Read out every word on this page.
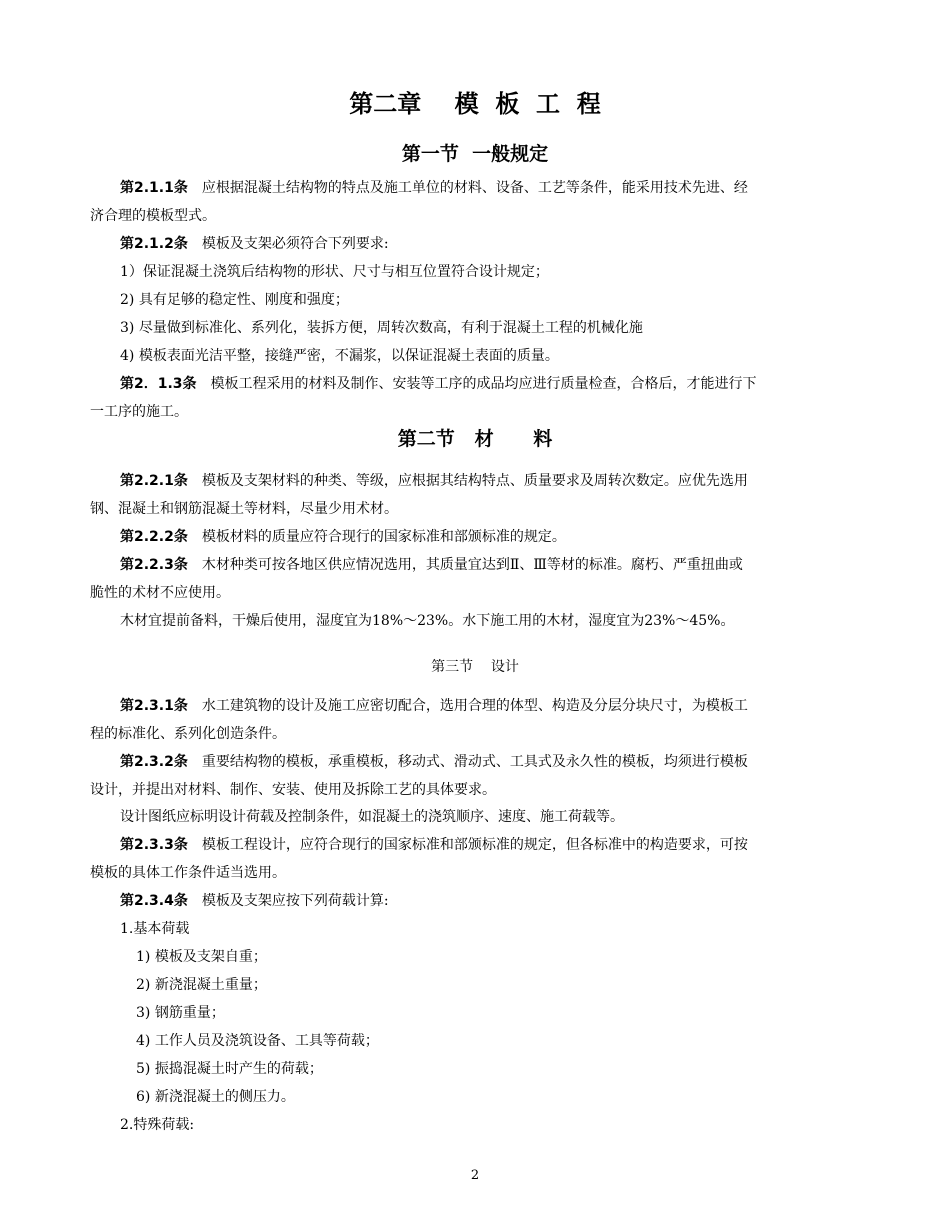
第二章    模  板  工  程
第一节  一般规定
第2.1.1条 应根据混凝土结构物的特点及施工单位的材料、设备、工艺等条件，能采用技术先进、经
济合理的模板型式。
第2.1.2条 模板及支架必须符合下列要求:
1）保证混凝土浇筑后结构物的形状、尺寸与相互位置符合设计规定；
2) 具有足够的稳定性、刚度和强度；
3) 尽量做到标准化、系列化，装拆方便，周转次数高，有利于混凝土工程的机械化施
4) 模板表面光洁平整，接缝严密，不漏浆，以保证混凝土表面的质量。
第2．1.3条 模板工程采用的材料及制作、安装等工序的成品均应进行质量检查，合格后，才能进行下
一工序的施工。
第二节   材      料
第2.2.1条 模板及支架材料的种类、等级，应根据其结构特点、质量要求及周转次数定。应优先选用
钢、混凝土和钢筋混凝土等材料，尽量少用术材。
第2.2.2条 模板材料的质量应符合现行的国家标准和部颁标准的规定。
第2.2.3条 木材种类可按各地区供应情况选用，其质量宜达到Ⅱ、Ⅲ等材的标准。腐朽、严重扭曲或
脆性的术材不应使用。
木材宜提前备料，干燥后使用，湿度宜为18%～23%。水下施工用的木材，湿度宜为23%～45%。
第三节    设计
第2.3.1条 水工建筑物的设计及施工应密切配合，选用合理的体型、构造及分层分块尺寸，为模板工
程的标准化、系列化创造条件。
第2.3.2条 重要结构物的模板，承重模板，移动式、滑动式、工具式及永久性的模板，均须进行模板
设计，并提出对材料、制作、安装、使用及拆除工艺的具体要求。
设计图纸应标明设计荷载及控制条件，如混凝土的浇筑顺序、速度、施工荷载等。
第2.3.3条 模板工程设计，应符合现行的国家标准和部颁标准的规定，但各标准中的构造要求，可按
模板的具体工作条件适当选用。
第2.3.4条 模板及支架应按下列荷载计算:
1.基本荷载
1) 模板及支架自重；
2) 新浇混凝土重量；
3) 钢筋重量；
4) 工作人员及浇筑设备、工具等荷载；
5) 振捣混凝土时产生的荷载；
6) 新浇混凝土的侧压力。
2.特殊荷载:
2
